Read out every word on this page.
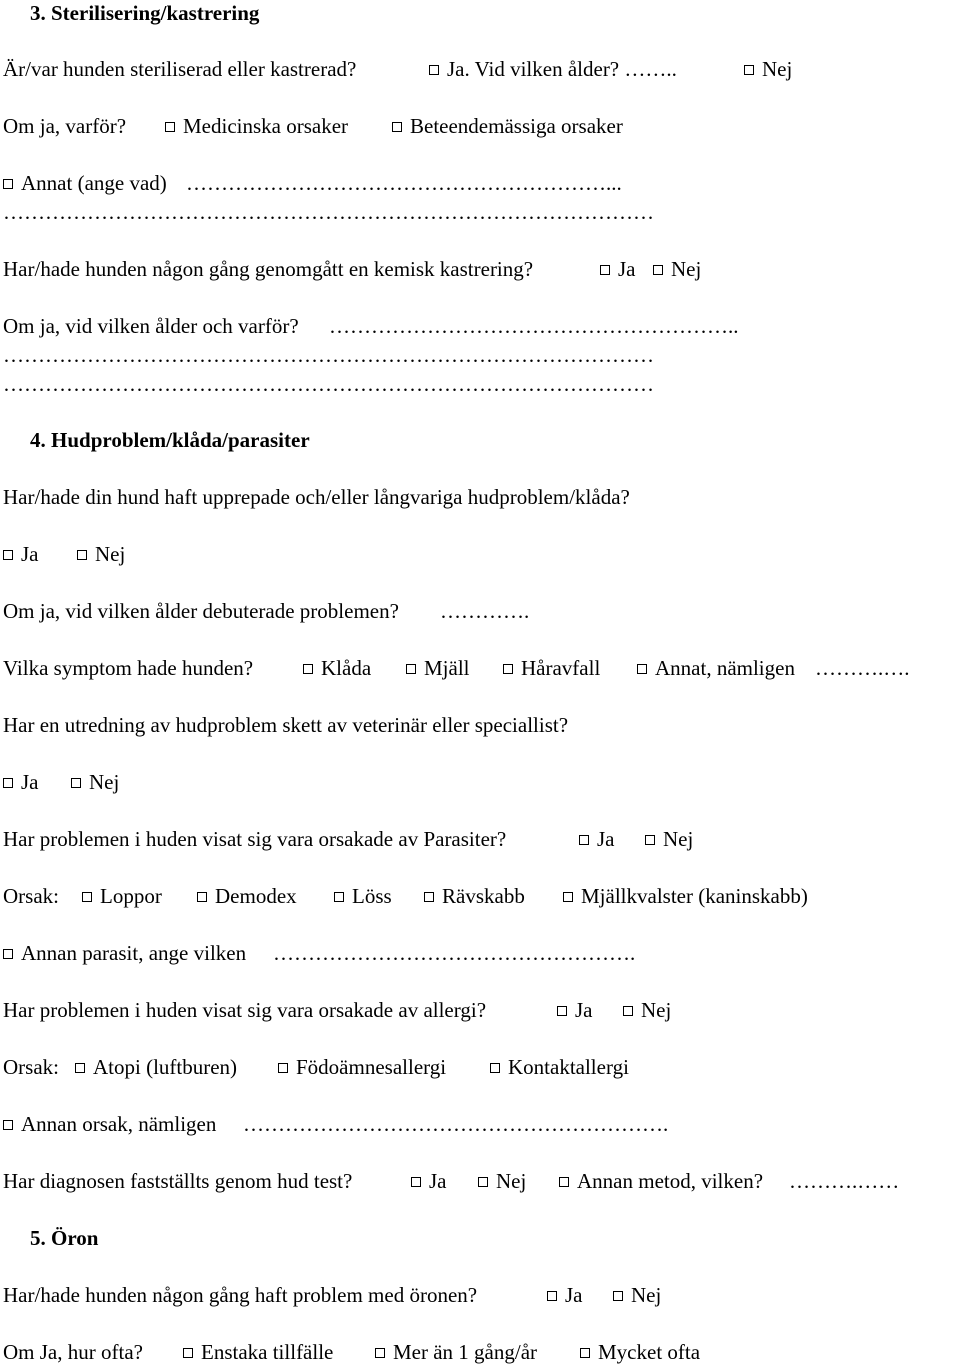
3. Sterilisering/kastrering
Är/var hunden steriliserad eller kastrerad?	Ja. Vid vilken ålder? ……..	Nej
Om ja, varför?	Medicinska orsaker	Beteendemässiga orsaker
Annat (ange vad) ……………………………………………………...
…………………………………………………………………………………
Har/hade hunden någon gång genomgått en kemisk kastrering?	Ja	Nej
Om ja, vid vilken ålder och varför? …………………………………………………..
…………………………………………………………………………………
…………………………………………………………………………………
4. Hudproblem/klåda/parasiter
Har/hade din hund haft upprepade och/eller långvariga hudproblem/klåda?
Ja	Nej
Om ja, vid vilken ålder debuterade problemen? ………….
Vilka symptom hade hunden?	Klåda	Mjäll	Håravfall	Annat, nämligen ……….….
Har en utredning av hudproblem skett av veterinär eller speciallist?
Ja	Nej
Har problemen i huden visat sig vara orsakade av Parasiter?	Ja	Nej
Orsak:	Loppor	Demodex	Löss	Rävskabb	Mjällkvalster (kaninskabb)
Annan parasit, ange vilken …………………………………………….
Har problemen i huden visat sig vara orsakade av allergi?	Ja	Nej
Orsak:	Atopi (luftburen)	Födoämnesallergi	Kontaktallergi
Annan orsak, nämligen …………………………………………………….
Har diagnosen fastställts genom hud test?	Ja	Nej	Annan metod, vilken? ……….……
5. Öron
Har/hade hunden någon gång haft problem med öronen?	Ja	Nej
Om Ja, hur ofta?	Enstaka tillfälle	Mer än 1 gång/år	Mycket ofta
